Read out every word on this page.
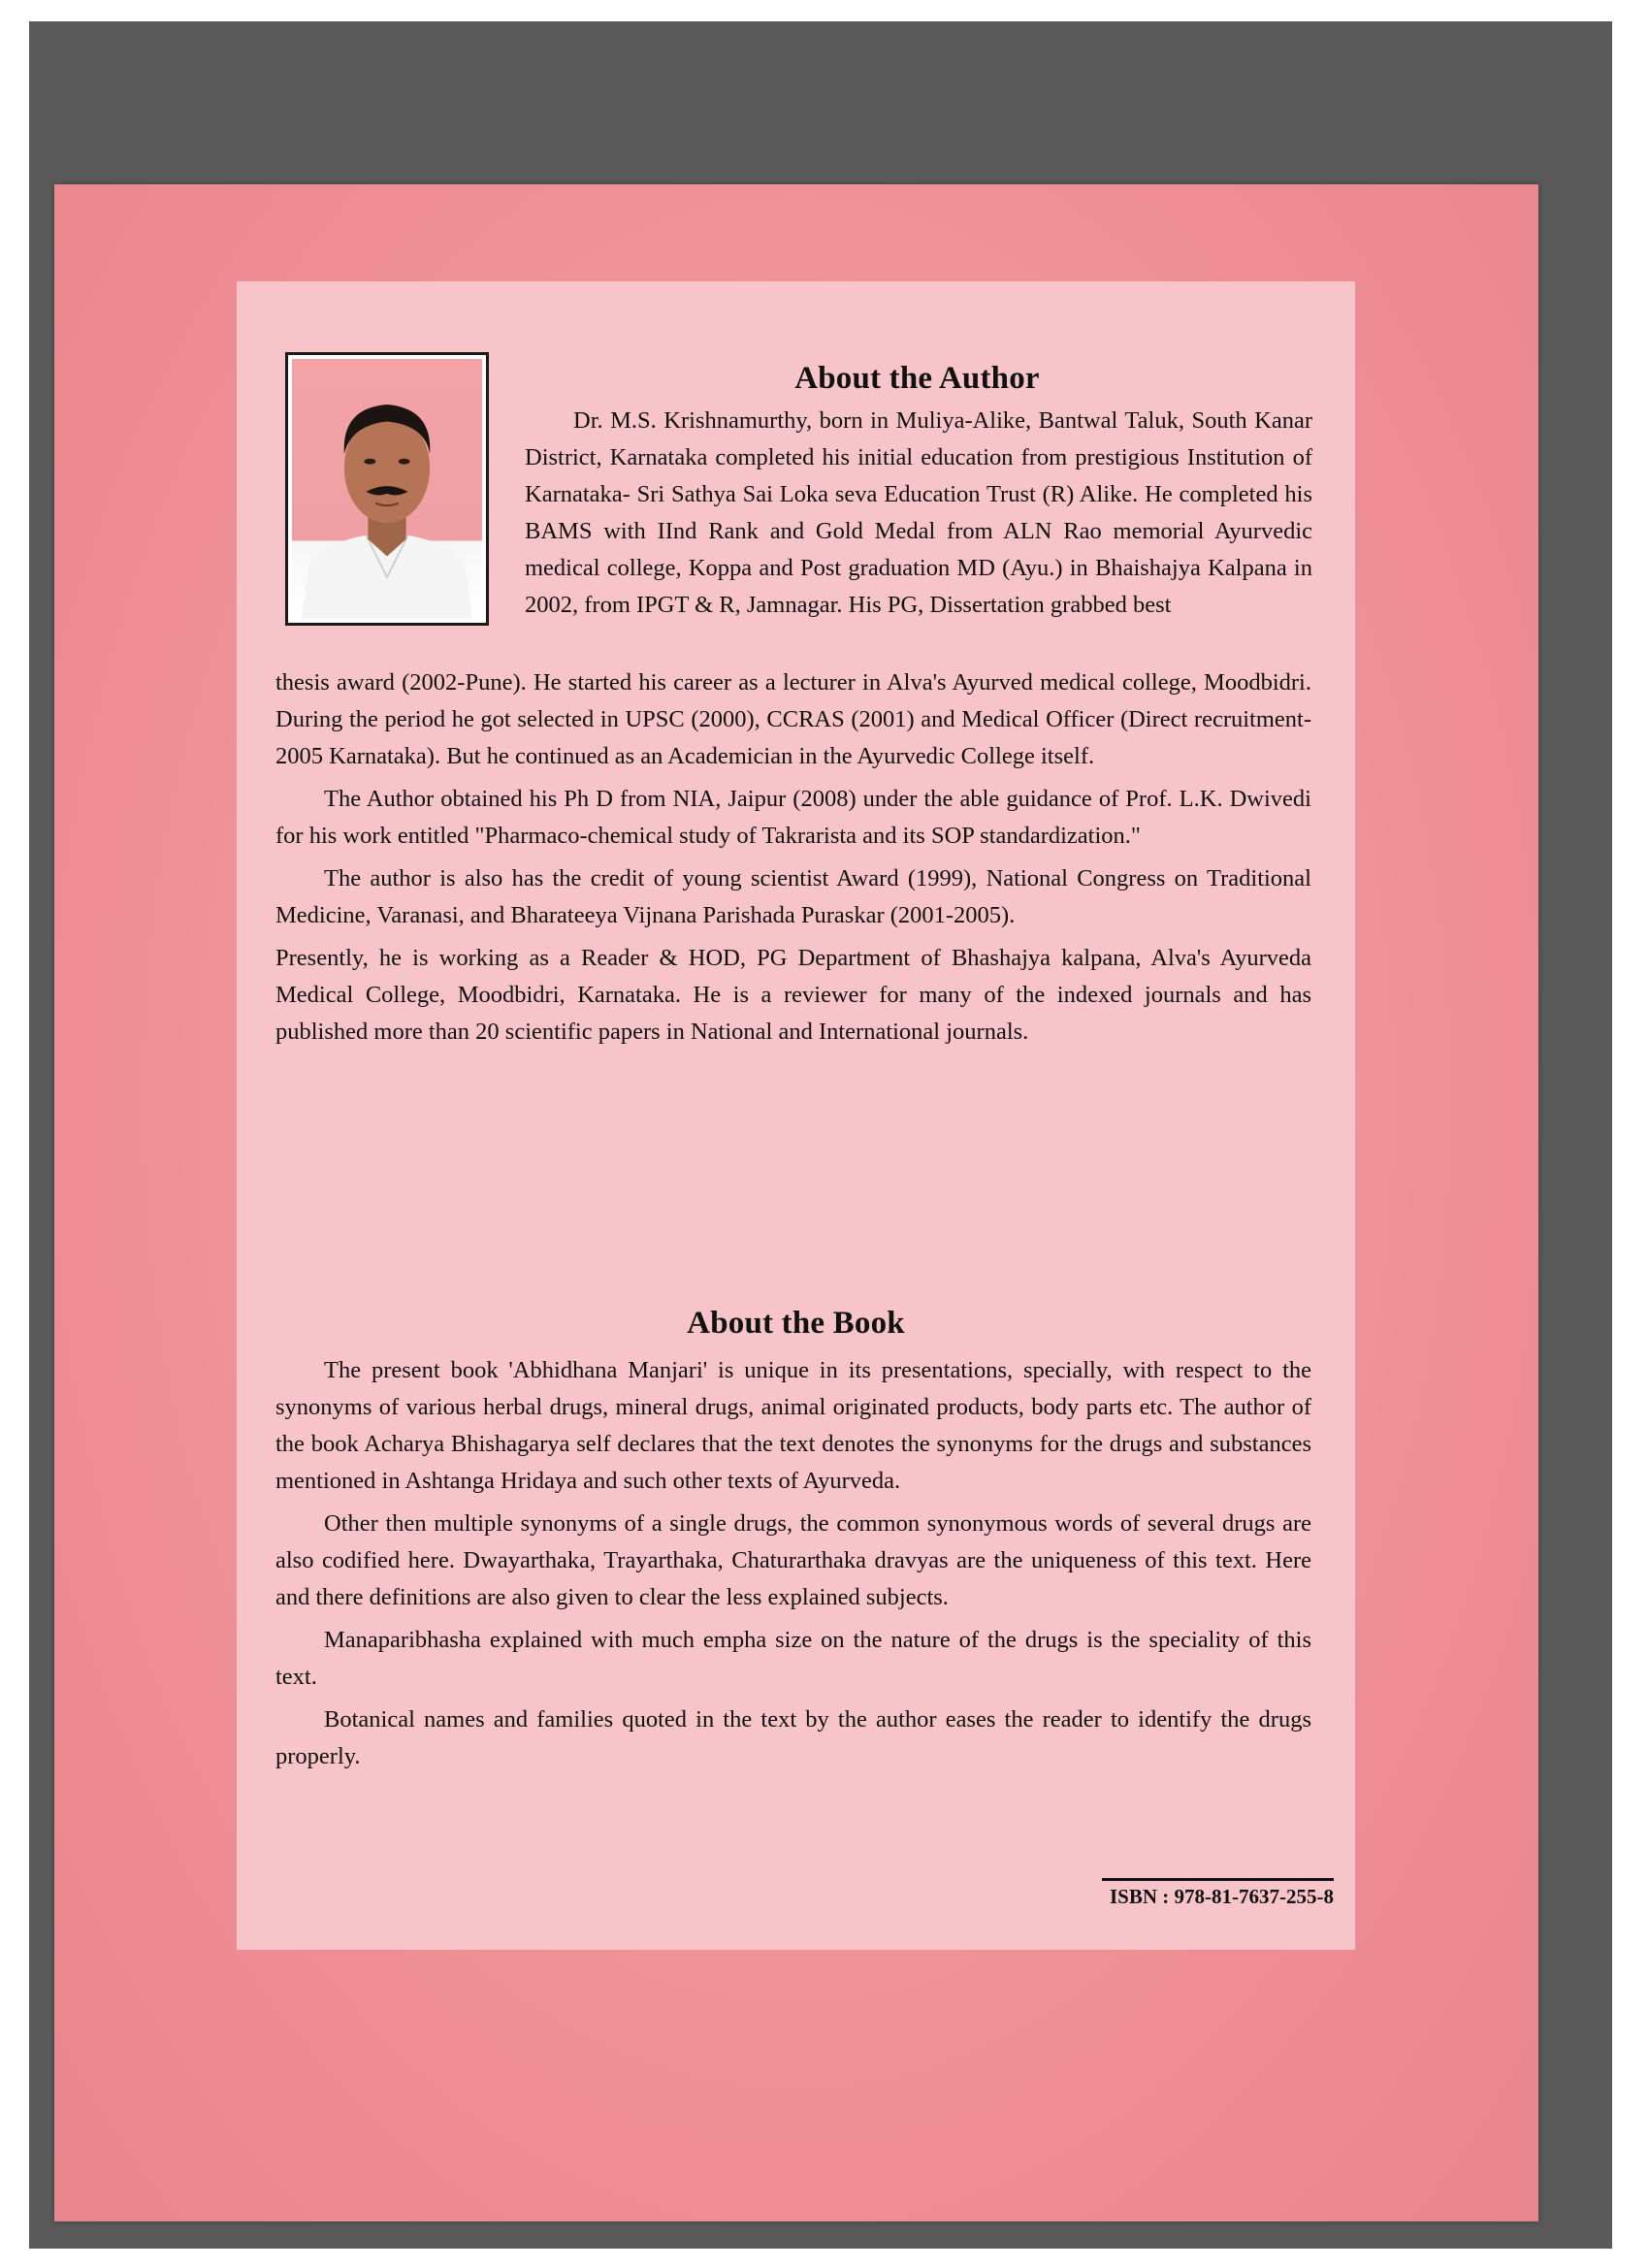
About the Author

Dr. M.S. Krishnamurthy, born in Muliya-Alike, Bantwal Taluk, South Kanar District, Karnataka completed his initial education from prestigious Institution of Karnataka- Sri Sathya Sai Loka seva Education Trust (R) Alike. He completed his BAMS with IInd Rank and Gold Medal from ALN Rao memorial Ayurvedic medical college, Koppa and Post graduation MD (Ayu.) in Bhaishajya Kalpana in 2002, from IPGT & R, Jamnagar. His PG, Dissertation grabbed best

thesis award (2002-Pune). He started his career as a lecturer in Alva's Ayurved medical college, Moodbidri. During the period he got selected in UPSC (2000), CCRAS (2001) and Medical Officer (Direct recruitment-2005 Karnataka). But he continued as an Academician in the Ayurvedic College itself.

The Author obtained his Ph D from NIA, Jaipur (2008) under the able guidance of Prof. L.K. Dwivedi for his work entitled "Pharmaco-chemical study of Takrarista and its SOP standardization."

The author is also has the credit of young scientist Award (1999), National Congress on Traditional Medicine, Varanasi, and Bharateeya Vijnana Parishada Puraskar (2001-2005).

Presently, he is working as a Reader & HOD, PG Department of Bhashajya kalpana, Alva's Ayurveda Medical College, Moodbidri, Karnataka. He is a reviewer for many of the indexed journals and has published more than 20 scientific papers in National and International journals.

About the Book

The present book 'Abhidhana Manjari' is unique in its presentations, specially, with respect to the synonyms of various herbal drugs, mineral drugs, animal originated products, body parts etc. The author of the book Acharya Bhishagarya self declares that the text denotes the synonyms for the drugs and substances mentioned in Ashtanga Hridaya and such other texts of Ayurveda.

Other then multiple synonyms of a single drugs, the common synonymous words of several drugs are also codified here. Dwayarthaka, Trayarthaka, Chaturarthaka dravyas are the uniqueness of this text. Here and there definitions are also given to clear the less explained subjects.

Manaparibhasha explained with much empha size on the nature of the drugs is the speciality of this text.

Botanical names and families quoted in the text by the author eases the reader to identify the drugs properly.

ISBN : 978-81-7637-255-8
